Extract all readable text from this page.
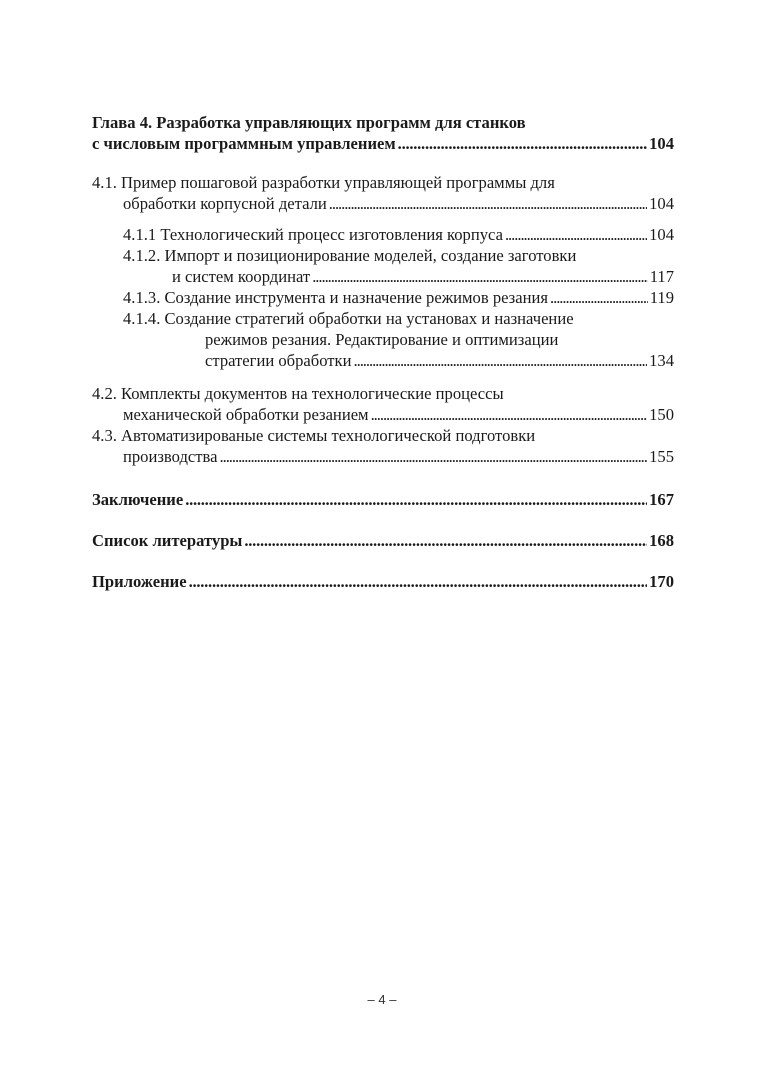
Глава 4. Разработка управляющих программ для станков
с числовым программным управлением . . .	104
4.1. Пример пошаговой разработки управляющей программы для
обработки корпусной детали . . .	104
4.1.1 Технологический процесс изготовления корпуса . . .	104
4.1.2. Импорт и позиционирование моделей, создание заготовки
и систем координат . . .	117
4.1.3. Создание инструмента и назначение режимов резания . . .	119
4.1.4. Создание стратегий обработки на установах и назначение
режимов резания. Редактирование и оптимизации
стратегии обработки . . .	134
4.2. Комплекты документов на технологические процессы
механической обработки резанием . . .	150
4.3. Автоматизированые системы технологической подготовки
производства . . .	155
Заключение . . .	167
Список литературы . . .	168
Приложение . . .	170
– 4 –
